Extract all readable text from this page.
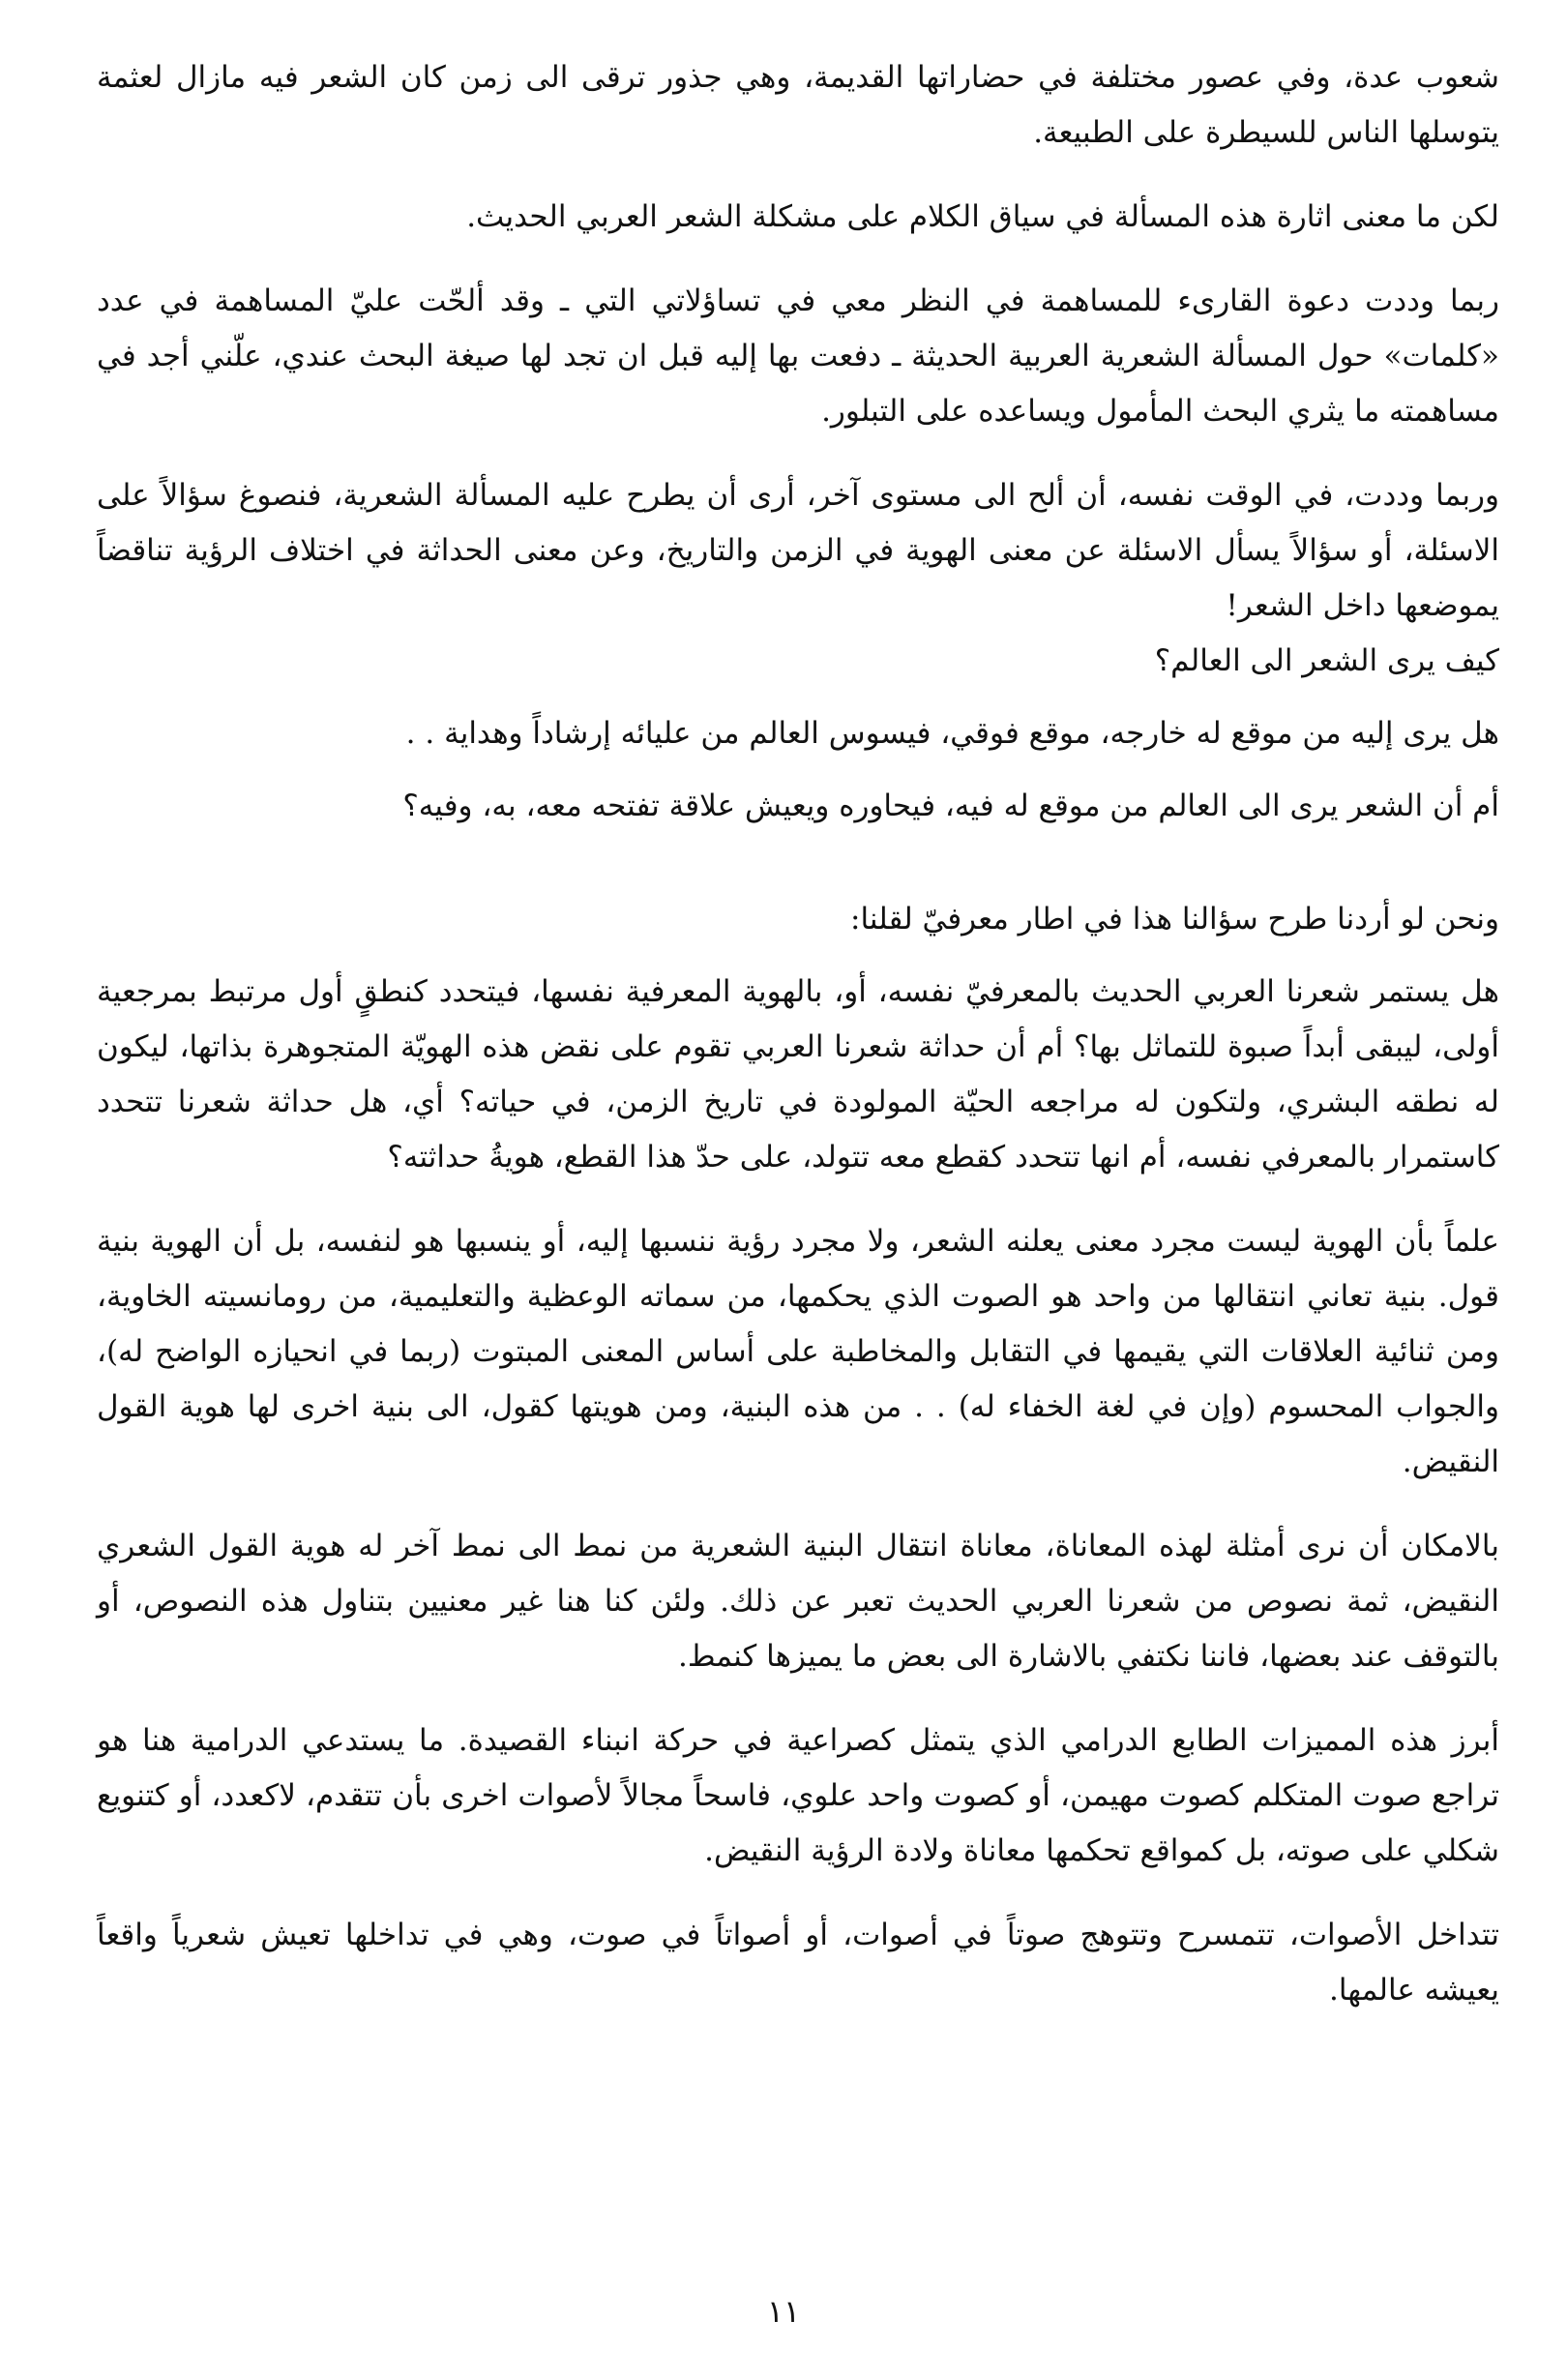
شعوب عدة، وفي عصور مختلفة في حضاراتها القديمة، وهي جذور ترقى الى زمن كان الشعر فيه مازال لعثمة يتوسلها الناس للسيطرة على الطبيعة.

لكن ما معنى اثارة هذه المسألة في سياق الكلام على مشكلة الشعر العربي الحديث.

ربما وددت دعوة القارىء للمساهمة في النظر معي في تساؤلاتي التي ـ وقد ألحّت عليّ المساهمة في عدد «كلمات» حول المسألة الشعرية العربية الحديثة ـ دفعت بها إليه قبل ان تجد لها صيغة البحث عندي، علّني أجد في مساهمته ما يثري البحث المأمول ويساعده على التبلور.

وربما وددت، في الوقت نفسه، أن ألح الى مستوى آخر، أرى أن يطرح عليه المسألة الشعرية، فنصوغ سؤالاً على الاسئلة، أو سؤالاً يسأل الاسئلة عن معنى الهوية في الزمن والتاريخ، وعن معنى الحداثة في اختلاف الرؤية تناقضاً يموضعها داخل الشعر!

كيف يرى الشعر الى العالم؟

هل يرى إليه من موقع له خارجه، موقع فوقي، فيسوس العالم من عليائه إرشاداً وهداية . .

أم أن الشعر يرى الى العالم من موقع له فيه، فيحاوره ويعيش علاقة تفتحه معه، به، وفيه؟

ونحن لو أردنا طرح سؤالنا هذا في اطار معرفيّ لقلنا:

هل يستمر شعرنا العربي الحديث بالمعرفيّ نفسه، أو، بالهوية المعرفية نفسها، فيتحدد كنطقٍ أول مرتبط بمرجعية أولى، ليبقى أبداً صبوة للتماثل بها؟ أم أن حداثة شعرنا العربي تقوم على نقض هذه الهويّة المتجوهرة بذاتها، ليكون له نطقه البشري، ولتكون له مراجعه الحيّة المولودة في تاريخ الزمن، في حياته؟ أي، هل حداثة شعرنا تتحدد كاستمرار بالمعرفي نفسه، أم انها تتحدد كقطع معه تتولد، على حدّ هذا القطع، هويةُ حداثته؟

علماً بأن الهوية ليست مجرد معنى يعلنه الشعر، ولا مجرد رؤية ننسبها إليه، أو ينسبها هو لنفسه، بل أن الهوية بنية قول. بنية تعاني انتقالها من واحد هو الصوت الذي يحكمها، من سماته الوعظية والتعليمية، من رومانسيته الخاوية، ومن ثنائية العلاقات التي يقيمها في التقابل والمخاطبة على أساس المعنى المبتوت (ربما في انحيازه الواضح له)، والجواب المحسوم (وإن في لغة الخفاء له) . . من هذه البنية، ومن هويتها كقول، الى بنية اخرى لها هوية القول النقيض.

بالامكان أن نرى أمثلة لهذه المعاناة، معاناة انتقال البنية الشعرية من نمط الى نمط آخر له هوية القول الشعري النقيض، ثمة نصوص من شعرنا العربي الحديث تعبر عن ذلك. ولئن كنا هنا غير معنيين بتناول هذه النصوص، أو بالتوقف عند بعضها، فاننا نكتفي بالاشارة الى بعض ما يميزها كنمط.

أبرز هذه المميزات الطابع الدرامي الذي يتمثل كصراعية في حركة انبناء القصيدة. ما يستدعي الدرامية هنا هو تراجع صوت المتكلم كصوت مهيمن، أو كصوت واحد علوي، فاسحاً مجالاً لأصوات اخرى بأن تتقدم، لاكعدد، أو كتنويع شكلي على صوته، بل كمواقع تحكمها معاناة ولادة الرؤية النقيض.

تتداخل الأصوات، تتمسرح وتتوهج صوتاً في أصوات، أو أصواتاً في صوت، وهي في تداخلها تعيش شعرياً واقعاً يعيشه عالمها.

١١
